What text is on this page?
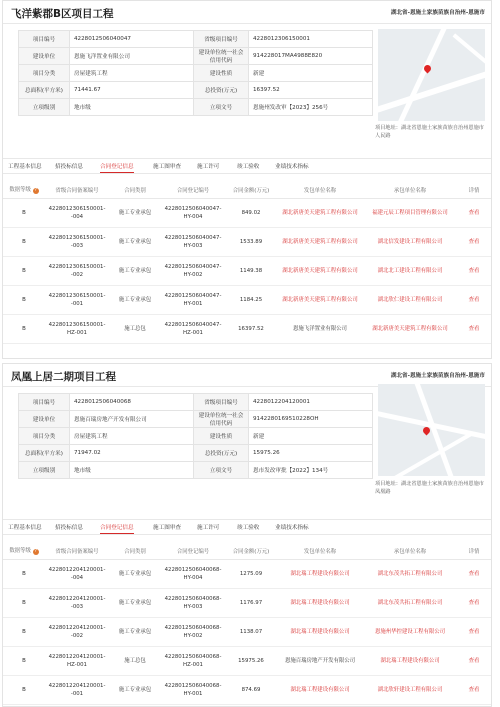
飞洋紫郡B区项目工程	湖北省-恩施土家族苗族自治州-恩施市
项目编号	4228012506040047	省级项目编号	4228012306150001
建设单位	恩施飞洋置业有限公司	建设单位统一社会信用代码	914228017MA4988E820
项目分类	房屋建筑工程	建设性质	新建
总面积(平方米)	71441.67	总投资(万元)	16397.52
立项级别	地市级	立项文号	恩施州发改审【2023】256号
项目地址：湖北省恩施土家族苗族自治州恩施市人民路
工程基本信息 招投标信息	合同登记信息	施工图审查	施工许可	竣工验收	业绩技术指标
数据等级 ?	省级合同备案编号	合同类别	合同登记编号	合同金额(万元)	发包单位名称	承包单位名称	详情
B	4228012306150001--004	施工专业承包	4228012506040047-HY-004	849.02	湖北新唐美天建筑工程有限公司	福建元辰工程项目管理有限公司	查看
B	4228012306150001--003	施工专业承包	4228012506040047-HY-003	1533.89	湖北新唐美天建筑工程有限公司	湖北信发建设工程有限公司	查看
B	4228012306150001--002	施工专业承包	4228012506040047-HY-002	1149.38	湖北新唐美天建筑工程有限公司	湖北北工建设工程有限公司	查看
B	4228012306150001--001	施工专业承包	4228012506040047-HY-001	1184.25	湖北新唐美天建筑工程有限公司	湖北欣仁建设工程有限公司	查看
B	4228012306150001-HZ-001	施工总包	4228012506040047-HZ-001	16397.52	恩施飞洋置业有限公司	湖北新唐美天建筑工程有限公司	查看
凤凰上居二期项目工程	湖北省-恩施土家族苗族自治州-恩施市
项目编号	4228012506040068	省级项目编号	4228012204120001
建设单位	恩施百瑞房地产开发有限公司	建设单位统一社会信用代码	9142280169510228OH
项目分类	房屋建筑工程	建设性质	新建
总面积(平方米)	71947.02	总投资(万元)	15975.26
立项级别	地市级	立项文号	恩市发改审批【2022】134号
项目地址：湖北省恩施土家族苗族自治州恩施市凤凰路
工程基本信息 招投标信息	合同登记信息	施工图审查	施工许可	竣工验收	业绩技术指标
数据等级 ?	省级合同备案编号	合同类别	合同登记编号	合同金额(万元)	发包单位名称	承包单位名称	详情
B	4228012204120001--004	施工专业承包	4228012506040068-HY-004	1275.09	湖北瑞工程建设有限公司	湖北东茂共拓工程有限公司	查看
B	4228012204120001--003	施工专业承包	4228012506040068-HY-003	1176.97	湖北瑞工程建设有限公司	湖北东茂共拓工程有限公司	查看
B	4228012204120001--002	施工专业承包	4228012506040068-HY-002	1138.07	湖北瑞工程建设有限公司	恩施州华控建设工程有限公司	查看
B	4228012204120001-HZ-001	施工总包	4228012506040068-HZ-001	15975.26	恩施百瑞房地产开发有限公司	湖北瑞工程建设有限公司	查看
B	4228012204120001--001	施工专业承包	4228012506040068-HY-001	874.69	湖北瑞工程建设有限公司	湖北欣轩建设工程有限公司	查看
